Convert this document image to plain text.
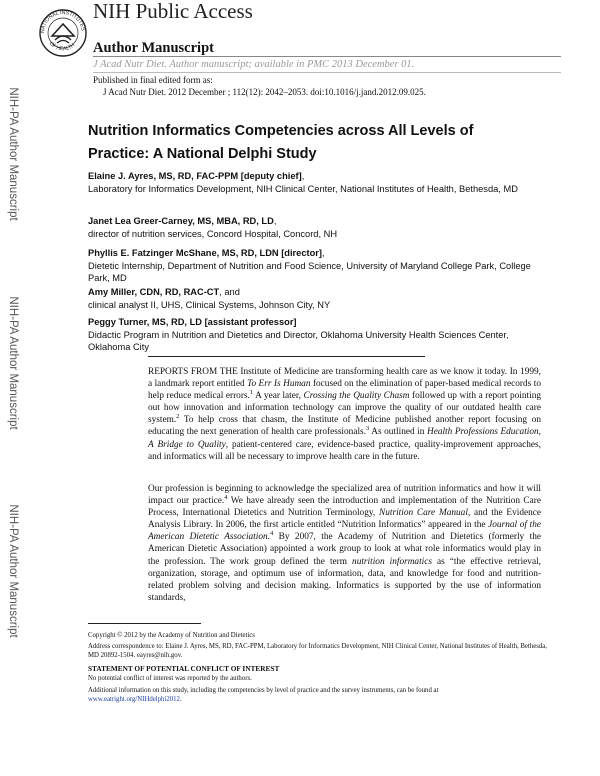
NATIONAL INSTITUTES
OF HEALTH
NIH Public Access
Author Manuscript
J Acad Nutr Diet. Author manuscript; available in PMC 2013 December 01.
Published in final edited form as:
J Acad Nutr Diet. 2012 December ; 112(12): 2042–2053. doi:10.1016/j.jand.2012.09.025.
NIH-PA Author Manuscript
NIH-PA Author Manuscript
NIH-PA Author Manuscript
Nutrition Informatics Competencies across All Levels of
Practice: A National Delphi Study
Elaine J. Ayres, MS, RD, FAC-PPM [deputy chief],
Laboratory for Informatics Development, NIH Clinical Center, National Institutes of Health, Bethesda, MD
Janet Lea Greer-Carney, MS, MBA, RD, LD,
director of nutrition services, Concord Hospital, Concord, NH
Phyllis E. Fatzinger McShane, MS, RD, LDN [director],
Dietetic Internship, Department of Nutrition and Food Science, University of Maryland College Park, College Park, MD
Amy Miller, CDN, RD, RAC-CT, and
clinical analyst II, UHS, Clinical Systems, Johnson City, NY
Peggy Turner, MS, RD, LD [assistant professor]
Didactic Program in Nutrition and Dietetics and Director, Oklahoma University Health Sciences Center, Oklahoma City
REPORTS FROM THE Institute of Medicine are transforming health care as we know it today. In 1999, a landmark report entitled To Err Is Human focused on the elimination of paper-based medical records to help reduce medical errors.$^1$ A year later, Crossing the Quality Chasm followed up with a report pointing out how innovation and information technology can improve the quality of our outdated health care system.$^2$ To help cross that chasm, the Institute of Medicine published another report focusing on educating the next generation of health care professionals.$^3$ As outlined in Health Professions Education, A Bridge to Quality, patient-centered care, evidence-based practice, quality-improvement approaches, and informatics will all be necessary to improve health care in the future.
Our profession is beginning to acknowledge the specialized area of nutrition informatics and how it will impact our practice.$^4$ We have already seen the introduction and implementation of the Nutrition Care Process, International Dietetics and Nutrition Terminology, Nutrition Care Manual, and the Evidence Analysis Library. In 2006, the first article entitled “Nutrition Informatics” appeared in the Journal of the American Dietetic Association.$^4$ By 2007, the Academy of Nutrition and Dietetics (formerly the American Dietetic Association) appointed a work group to look at what role informatics would play in the profession. The work group defined the term nutrition informatics as “the effective retrieval, organization, storage, and optimum use of information, data, and knowledge for food and nutrition-related problem solving and decision making. Informatics is supported by the use of information standards,
Copyright © 2012 by the Academy of Nutrition and Dietetics
Address correspondence to: Elaine J. Ayres, MS, RD, FAC-PPM, Laboratory for Informatics Development, NIH Clinical Center, National Institutes of Health, Bethesda, MD 20892-1504. eayres@nih.gov.
STATEMENT OF POTENTIAL CONFLICT OF INTEREST
No potential conflict of interest was reported by the authors.
Additional information on this study, including the competencies by level of practice and the survey instruments, can be found at
www.eatright.org/NIHdelphi2012.
